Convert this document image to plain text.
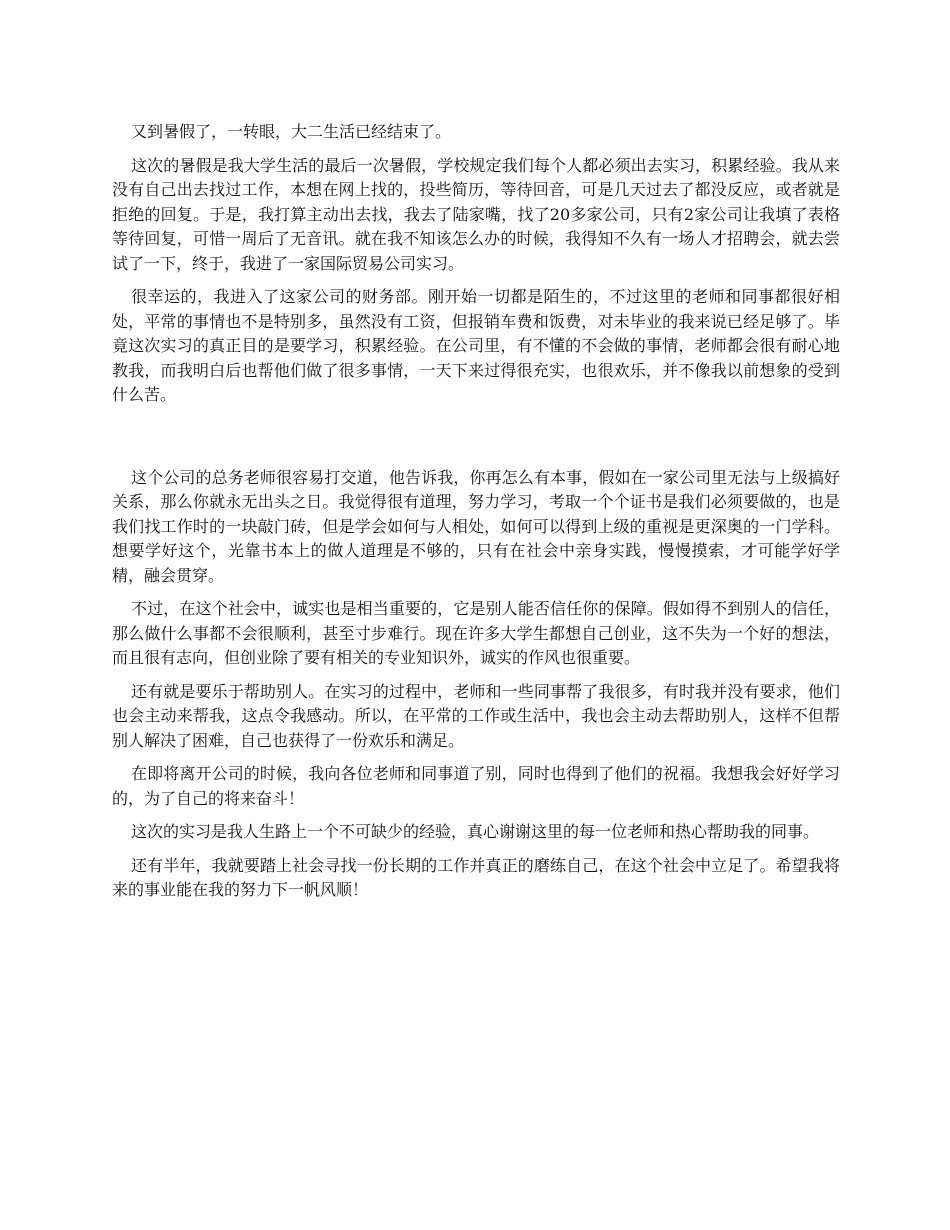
又到暑假了，一转眼，大二生活已经结束了。

这次的暑假是我大学生活的最后一次暑假，学校规定我们每个人都必须出去实习，积累经验。我从来没有自己出去找过工作，本想在网上找的，投些简历，等待回音，可是几天过去了都没反应，或者就是拒绝的回复。于是，我打算主动出去找，我去了陆家嘴，找了20多家公司，只有2家公司让我填了表格等待回复，可惜一周后了无音讯。就在我不知该怎么办的时候，我得知不久有一场人才招聘会，就去尝试了一下，终于，我进了一家国际贸易公司实习。

很幸运的，我进入了这家公司的财务部。刚开始一切都是陌生的，不过这里的老师和同事都很好相处，平常的事情也不是特别多，虽然没有工资，但报销车费和饭费，对未毕业的我来说已经足够了。毕竟这次实习的真正目的是要学习，积累经验。在公司里，有不懂的不会做的事情，老师都会很有耐心地教我，而我明白后也帮他们做了很多事情，一天下来过得很充实，也很欢乐，并不像我以前想象的受到什么苦。

这个公司的总务老师很容易打交道，他告诉我，你再怎么有本事，假如在一家公司里无法与上级搞好关系，那么你就永无出头之日。我觉得很有道理，努力学习，考取一个个证书是我们必须要做的，也是我们找工作时的一块敲门砖，但是学会如何与人相处，如何可以得到上级的重视是更深奥的一门学科。想要学好这个，光靠书本上的做人道理是不够的，只有在社会中亲身实践，慢慢摸索，才可能学好学精，融会贯穿。

不过，在这个社会中，诚实也是相当重要的，它是别人能否信任你的保障。假如得不到别人的信任，那么做什么事都不会很顺利，甚至寸步难行。现在许多大学生都想自己创业，这不失为一个好的想法，而且很有志向，但创业除了要有相关的专业知识外，诚实的作风也很重要。

还有就是要乐于帮助别人。在实习的过程中，老师和一些同事帮了我很多，有时我并没有要求，他们也会主动来帮我，这点令我感动。所以，在平常的工作或生活中，我也会主动去帮助别人，这样不但帮别人解决了困难，自己也获得了一份欢乐和满足。

在即将离开公司的时候，我向各位老师和同事道了别，同时也得到了他们的祝福。我想我会好好学习的，为了自己的将来奋斗！

这次的实习是我人生路上一个不可缺少的经验，真心谢谢这里的每一位老师和热心帮助我的同事。

还有半年，我就要踏上社会寻找一份长期的工作并真正的磨练自己，在这个社会中立足了。希望我将来的事业能在我的努力下一帆风顺！
